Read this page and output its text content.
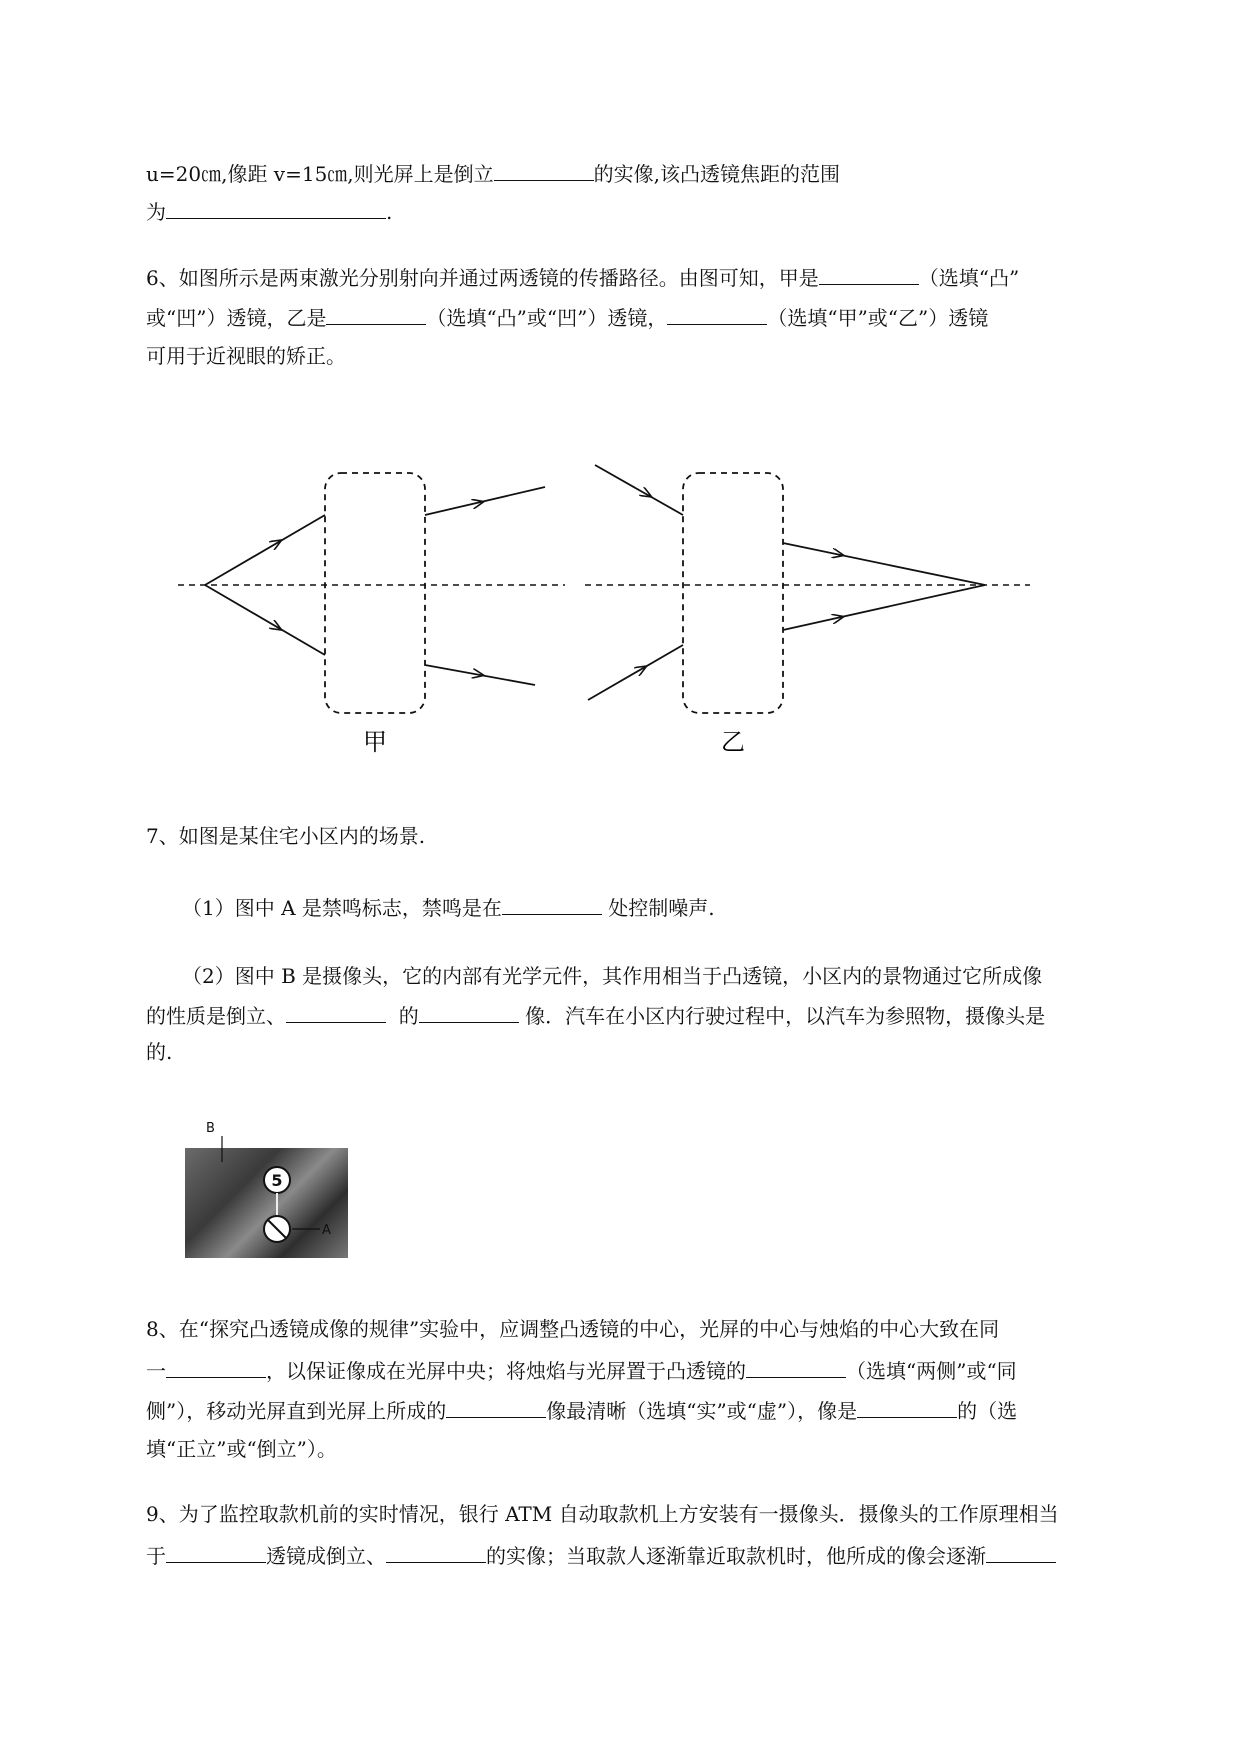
u=20㎝,像距 v=15㎝,则光屏上是倒立	的实像,该凸透镜焦距的范围
为	.
6、如图所示是两束激光分别射向并通过两透镜的传播路径。由图可知，甲是	（选填“凸”
或“凹”）透镜，乙是	（选填“凸”或“凹”）透镜，	（选填“甲”或“乙”）透镜
可用于近视眼的矫正。
甲	乙
7、如图是某住宅小区内的场景.
（1）图中 A 是禁鸣标志，禁鸣是在	处控制噪声.
（2）图中 B 是摄像头，它的内部有光学元件，其作用相当于凸透镜，小区内的景物通过它所成像
的性质是倒立、	的	像．汽车在小区内行驶过程中，以汽车为参照物，摄像头是
的.
B
5
A
8、在“探究凸透镜成像的规律”实验中，应调整凸透镜的中心，光屏的中心与烛焰的中心大致在同
一	，以保证像成在光屏中央；将烛焰与光屏置于凸透镜的	（选填“两侧”或“同
侧”），移动光屏直到光屏上所成的	像最清晰（选填“实”或“虚”），像是	的（选
填“正立”或“倒立”）。
9、为了监控取款机前的实时情况，银行 ATM 自动取款机上方安装有一摄像头．摄像头的工作原理相当
于	透镜成倒立、	的实像；当取款人逐渐靠近取款机时，他所成的像会逐渐
